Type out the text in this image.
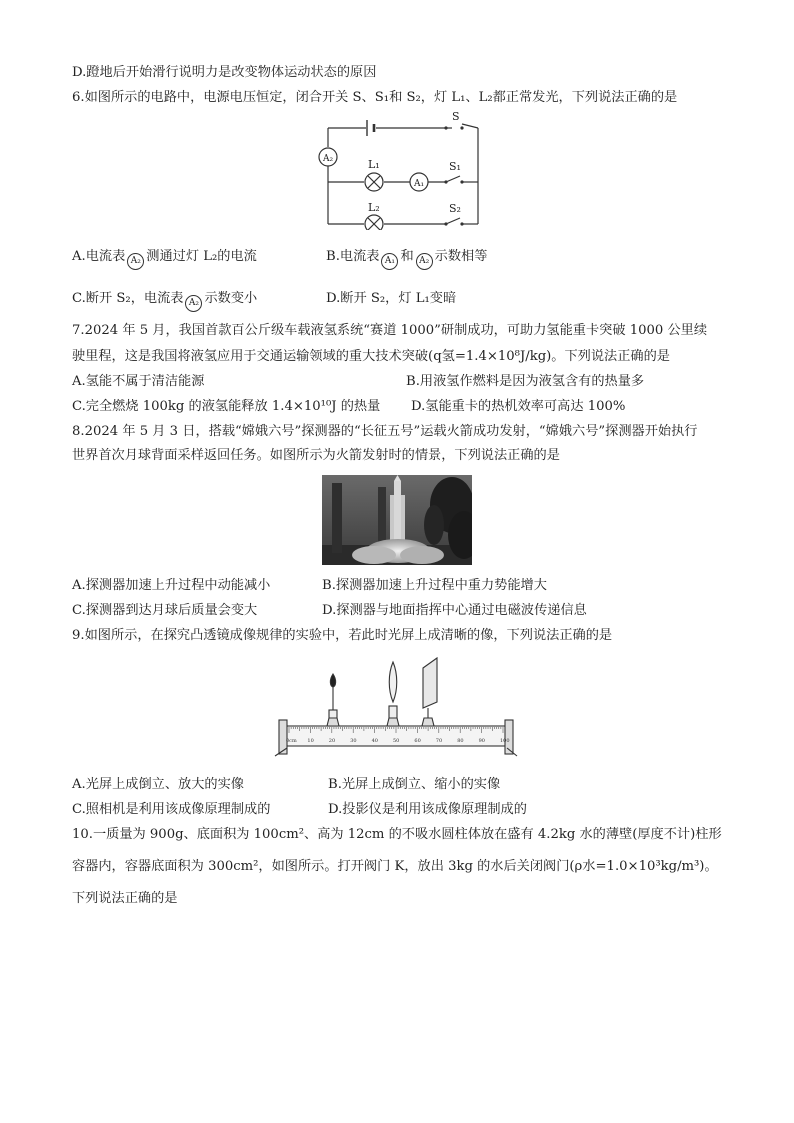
D.蹬地后开始滑行说明力是改变物体运动状态的原因
6.如图所示的电路中，电源电压恒定，闭合开关 S、S₁和 S₂，灯 L₁、L₂都正常发光，下列说法正确的是
A₂
A₁
S
S₁
S₂
L₁
L₂
A.电流表 A₂ 测通过灯 L₂的电流	B.电流表 A₁ 和 A₂ 示数相等
C.断开 S₂，电流表 A₂ 示数变小	D.断开 S₂，灯 L₁变暗
7.2024 年 5 月，我国首款百公斤级车载液氢系统“赛道 1000”研制成功，可助力氢能重卡突破 1000 公里续
驶里程，这是我国将液氢应用于交通运输领域的重大技术突破(q氢=1.4×10⁸J/kg)。下列说法正确的是
A.氢能不属于清洁能源	B.用液氢作燃料是因为液氢含有的热量多
C.完全燃烧 100kg 的液氢能释放 1.4×10¹⁰J 的热量 D.氢能重卡的热机效率可高达 100%
8.2024 年 5 月 3 日，搭载“嫦娥六号”探测器的“长征五号”运载火箭成功发射，“嫦娥六号”探测器开始执行
世界首次月球背面采样返回任务。如图所示为火箭发射时的情景，下列说法正确的是
A.探测器加速上升过程中动能减小	B.探测器加速上升过程中重力势能增大
C.探测器到达月球后质量会变大	D.探测器与地面指挥中心通过电磁波传递信息
9.如图所示，在探究凸透镜成像规律的实验中，若此时光屏上成清晰的像，下列说法正确的是
0cm 10	20	30	40	50	60	70	80	90	100
A.光屏上成倒立、放大的实像	B.光屏上成倒立、缩小的实像
C.照相机是利用该成像原理制成的	D.投影仪是利用该成像原理制成的
10.一质量为 900g、底面积为 100cm²、高为 12cm 的不吸水圆柱体放在盛有 4.2kg 水的薄壁(厚度不计)柱形
容器内，容器底面积为 300cm²，如图所示。打开阀门 K，放出 3kg 的水后关闭阀门(ρ水=1.0×10³kg/m³)。
下列说法正确的是
